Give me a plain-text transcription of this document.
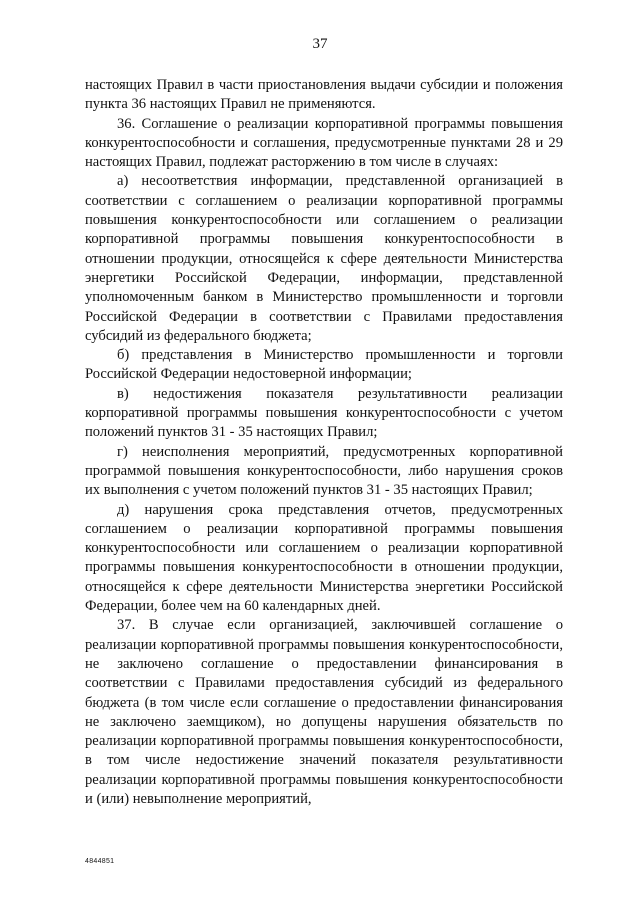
37

настоящих Правил в части приостановления выдачи субсидии и положения пункта 36 настоящих Правил не применяются.

36. Соглашение о реализации корпоративной программы повышения конкурентоспособности и соглашения, предусмотренные пунктами 28 и 29 настоящих Правил, подлежат расторжению в том числе в случаях:

а) несоответствия информации, представленной организацией в соответствии с соглашением о реализации корпоративной программы повышения конкурентоспособности или соглашением о реализации корпоративной программы повышения конкурентоспособности в отношении продукции, относящейся к сфере деятельности Министерства энергетики Российской Федерации, информации, представленной уполномоченным банком в Министерство промышленности и торговли Российской Федерации в соответствии с Правилами предоставления субсидий из федерального бюджета;

б) представления в Министерство промышленности и торговли Российской Федерации недостоверной информации;

в) недостижения показателя результативности реализации корпоративной программы повышения конкурентоспособности с учетом положений пунктов 31 - 35 настоящих Правил;

г) неисполнения мероприятий, предусмотренных корпоративной программой повышения конкурентоспособности, либо нарушения сроков их выполнения с учетом положений пунктов 31 - 35 настоящих Правил;

д) нарушения срока представления отчетов, предусмотренных соглашением о реализации корпоративной программы повышения конкурентоспособности или соглашением о реализации корпоративной программы повышения конкурентоспособности в отношении продукции, относящейся к сфере деятельности Министерства энергетики Российской Федерации, более чем на 60 календарных дней.

37. В случае если организацией, заключившей соглашение о реализации корпоративной программы повышения конкурентоспособности, не заключено соглашение о предоставлении финансирования в соответствии с Правилами предоставления субсидий из федерального бюджета (в том числе если соглашение о предоставлении финансирования не заключено заемщиком), но допущены нарушения обязательств по реализации корпоративной программы повышения конкурентоспособности, в том числе недостижение значений показателя результативности реализации корпоративной программы повышения конкурентоспособности и (или) невыполнение мероприятий,

4844851
